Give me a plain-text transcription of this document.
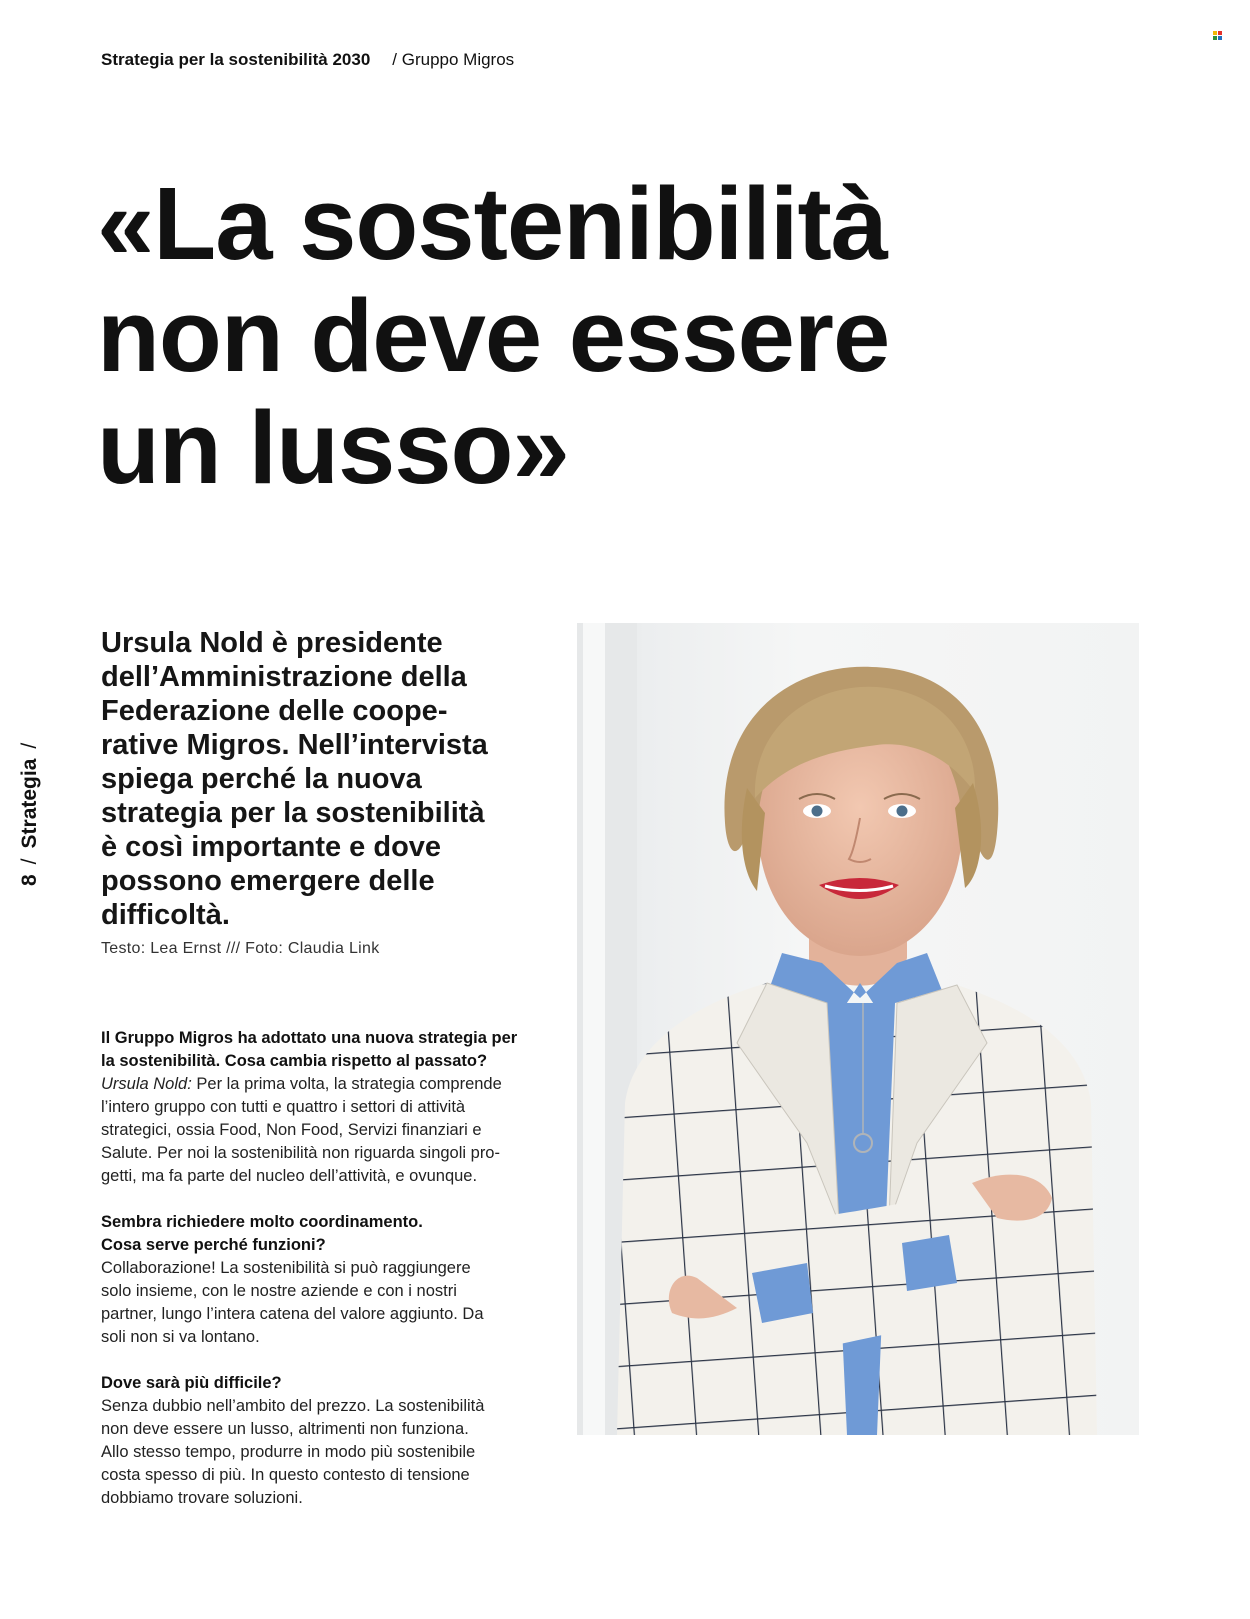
Strategia per la sostenibilità 2030 / Gruppo Migros
«La sostenibilità
non deve essere
un lusso»
8/Strategia/
Ursula Nold è presidente
dell’Amministrazione della
Federazione delle coope-
rative Migros. Nell’intervista
spiega perché la nuova
strategia per la sostenibilità
è così importante e dove
possono emergere delle
difficoltà.
Testo: Lea Ernst /// Foto: Claudia Link
Il Gruppo Migros ha adottato una nuova strategia per
la sostenibilità. Cosa cambia rispetto al passato?
Ursula Nold: Per la prima volta, la strategia comprende
l’intero gruppo con tutti e quattro i settori di attività
strategici, ossia Food, Non Food, Servizi finanziari e
Salute. Per noi la sostenibilità non riguarda singoli pro-
getti, ma fa parte del nucleo dell’attività, e ovunque.
Sembra richiedere molto coordinamento.
Cosa serve perché funzioni?
Collaborazione! La sostenibilità si può raggiungere
solo insieme, con le nostre aziende e con i nostri
partner, lungo l’intera catena del valore aggiunto. Da
soli non si va lontano.
Dove sarà più difficile?
Senza dubbio nell’ambito del prezzo. La sostenibilità
non deve essere un lusso, altrimenti non funziona.
Allo stesso tempo, produrre in modo più sostenibile
costa spesso di più. In questo contesto di tensione
dobbiamo trovare soluzioni.
